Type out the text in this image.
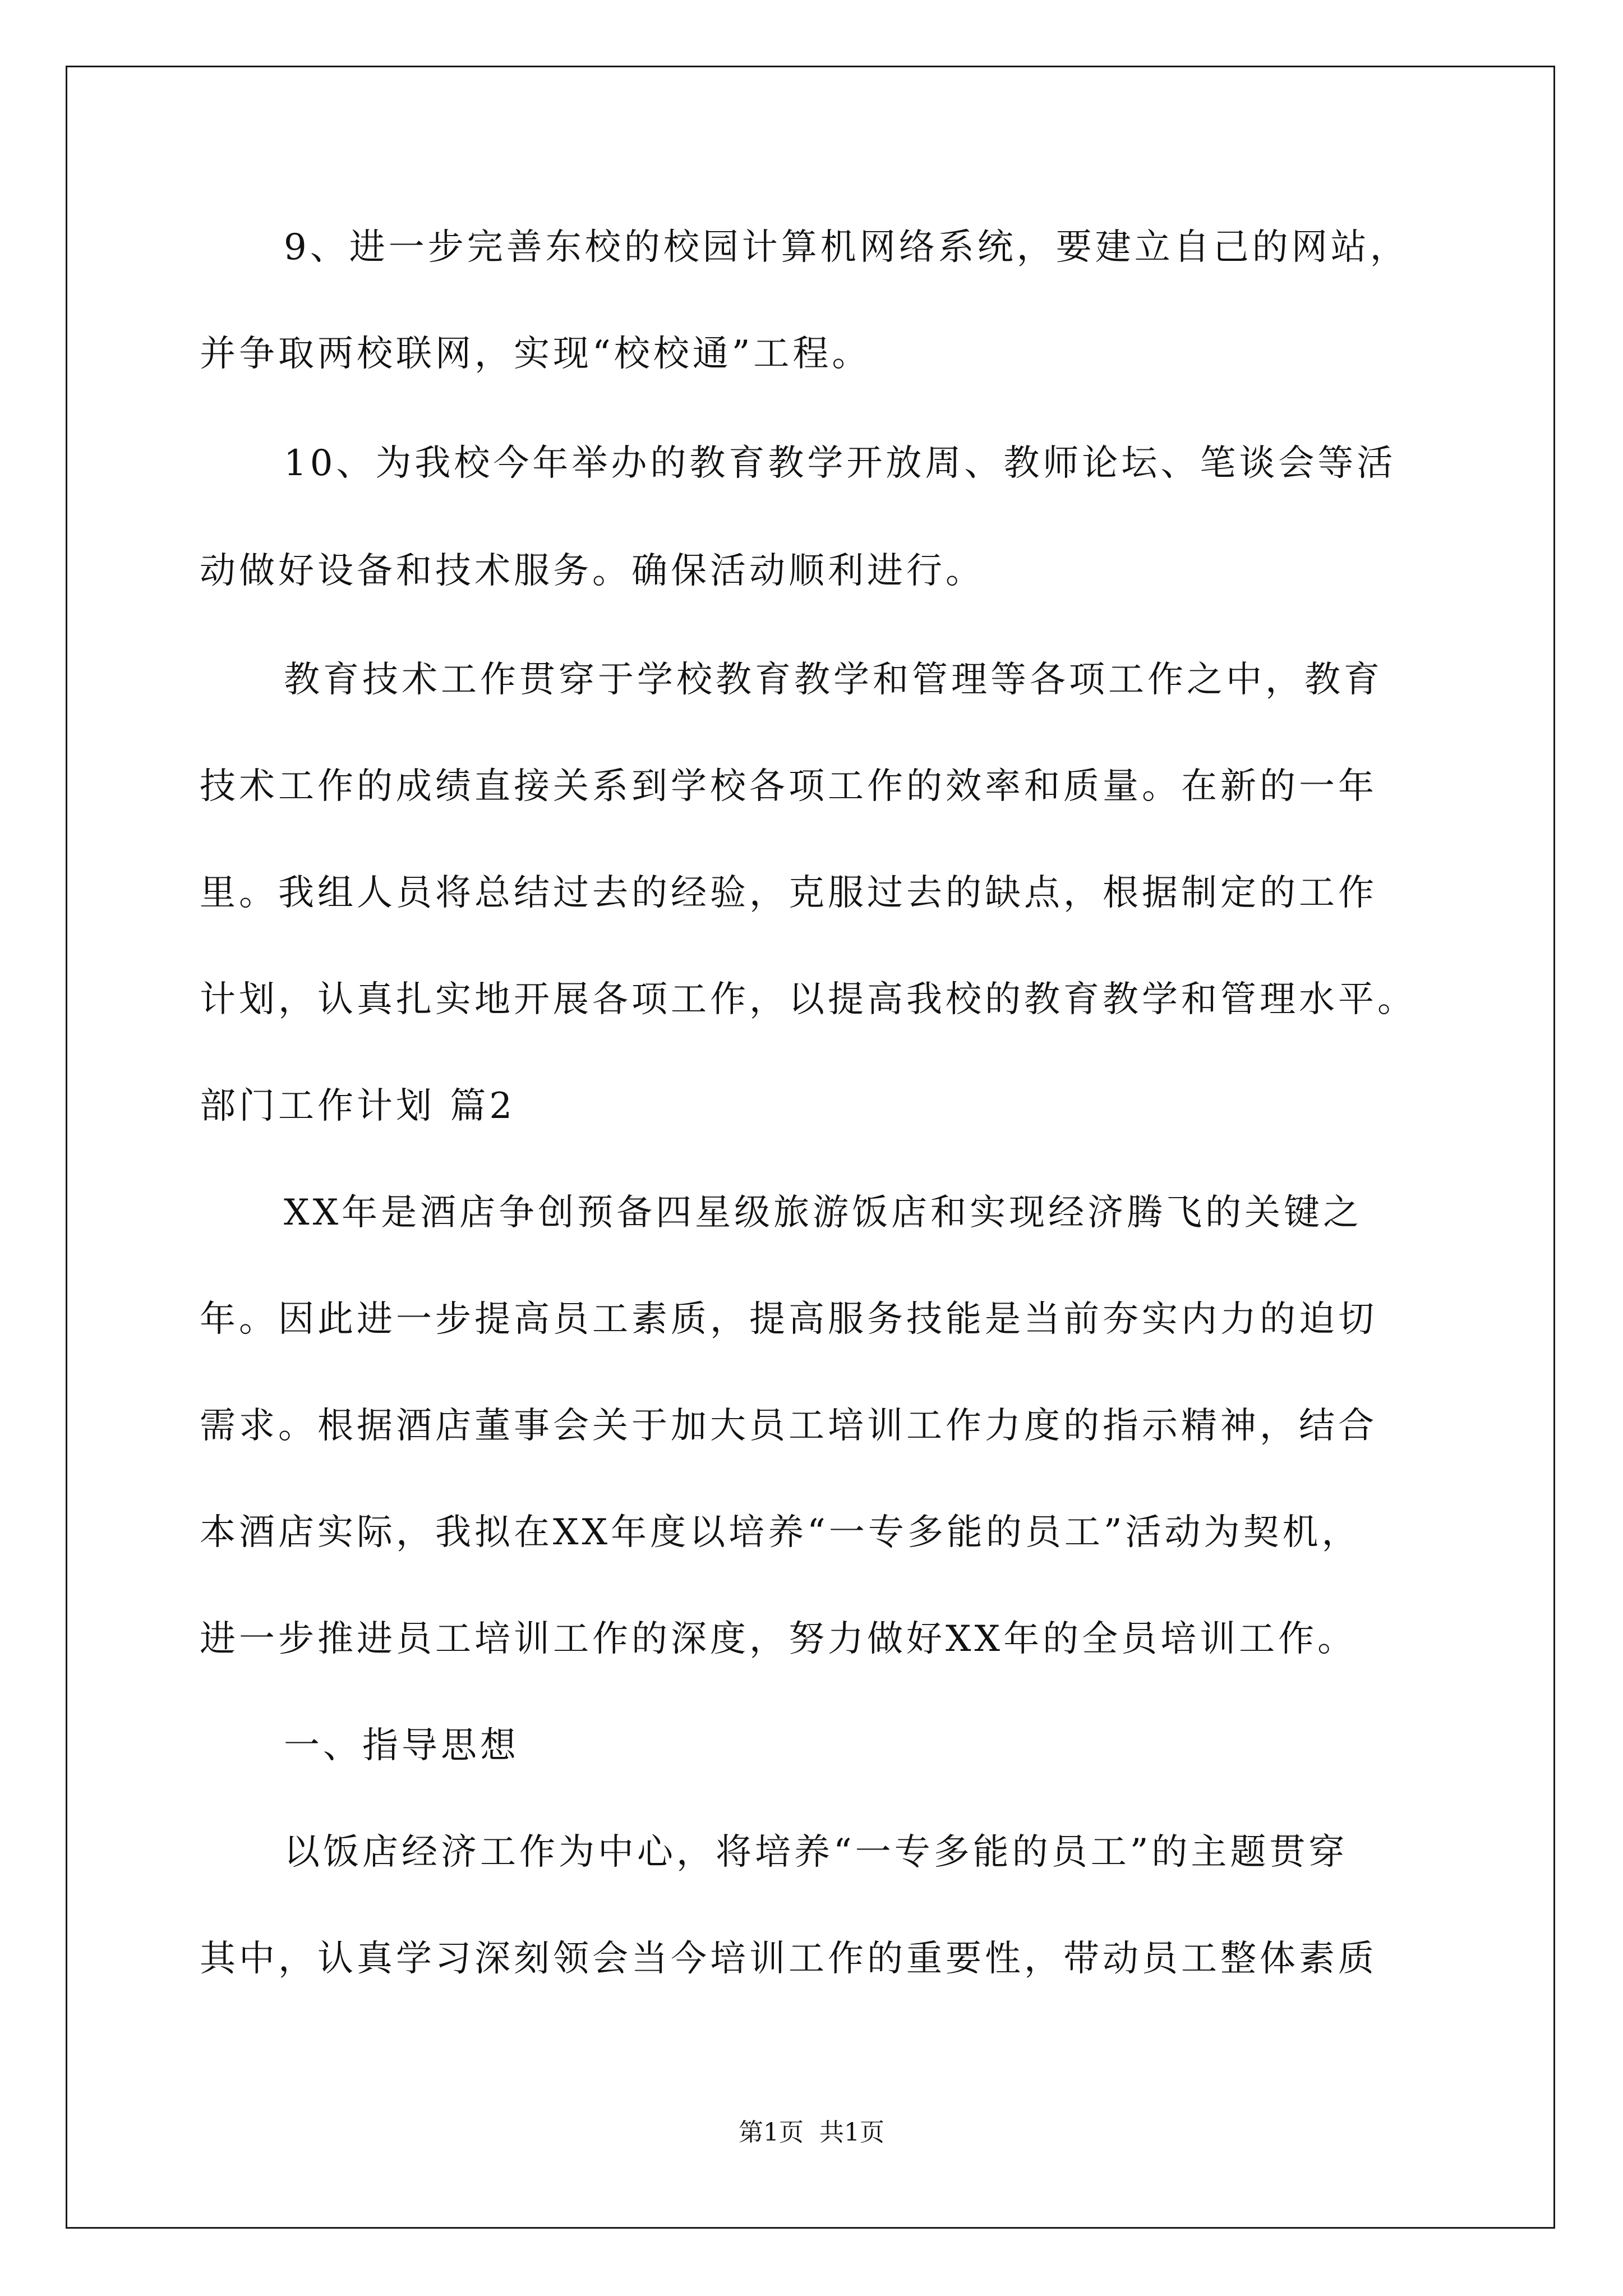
9、进一步完善东校的校园计算机网络系统，要建立自己的网站，
并争取两校联网，实现“校校通”工程。
10、为我校今年举办的教育教学开放周、教师论坛、笔谈会等活
动做好设备和技术服务。确保活动顺利进行。
教育技术工作贯穿于学校教育教学和管理等各项工作之中，教育
技术工作的成绩直接关系到学校各项工作的效率和质量。在新的一年
里。我组人员将总结过去的经验，克服过去的缺点，根据制定的工作
计划，认真扎实地开展各项工作，以提高我校的教育教学和管理水平。
部门工作计划 篇2
XX年是酒店争创预备四星级旅游饭店和实现经济腾飞的关键之
年。因此进一步提高员工素质，提高服务技能是当前夯实内力的迫切
需求。根据酒店董事会关于加大员工培训工作力度的指示精神，结合
本酒店实际，我拟在XX年度以培养“一专多能的员工”活动为契机，
进一步推进员工培训工作的深度，努力做好XX年的全员培训工作。
一、指导思想
以饭店经济工作为中心，将培养“一专多能的员工”的主题贯穿
其中，认真学习深刻领会当今培训工作的重要性，带动员工整体素质
第1页  共1页
